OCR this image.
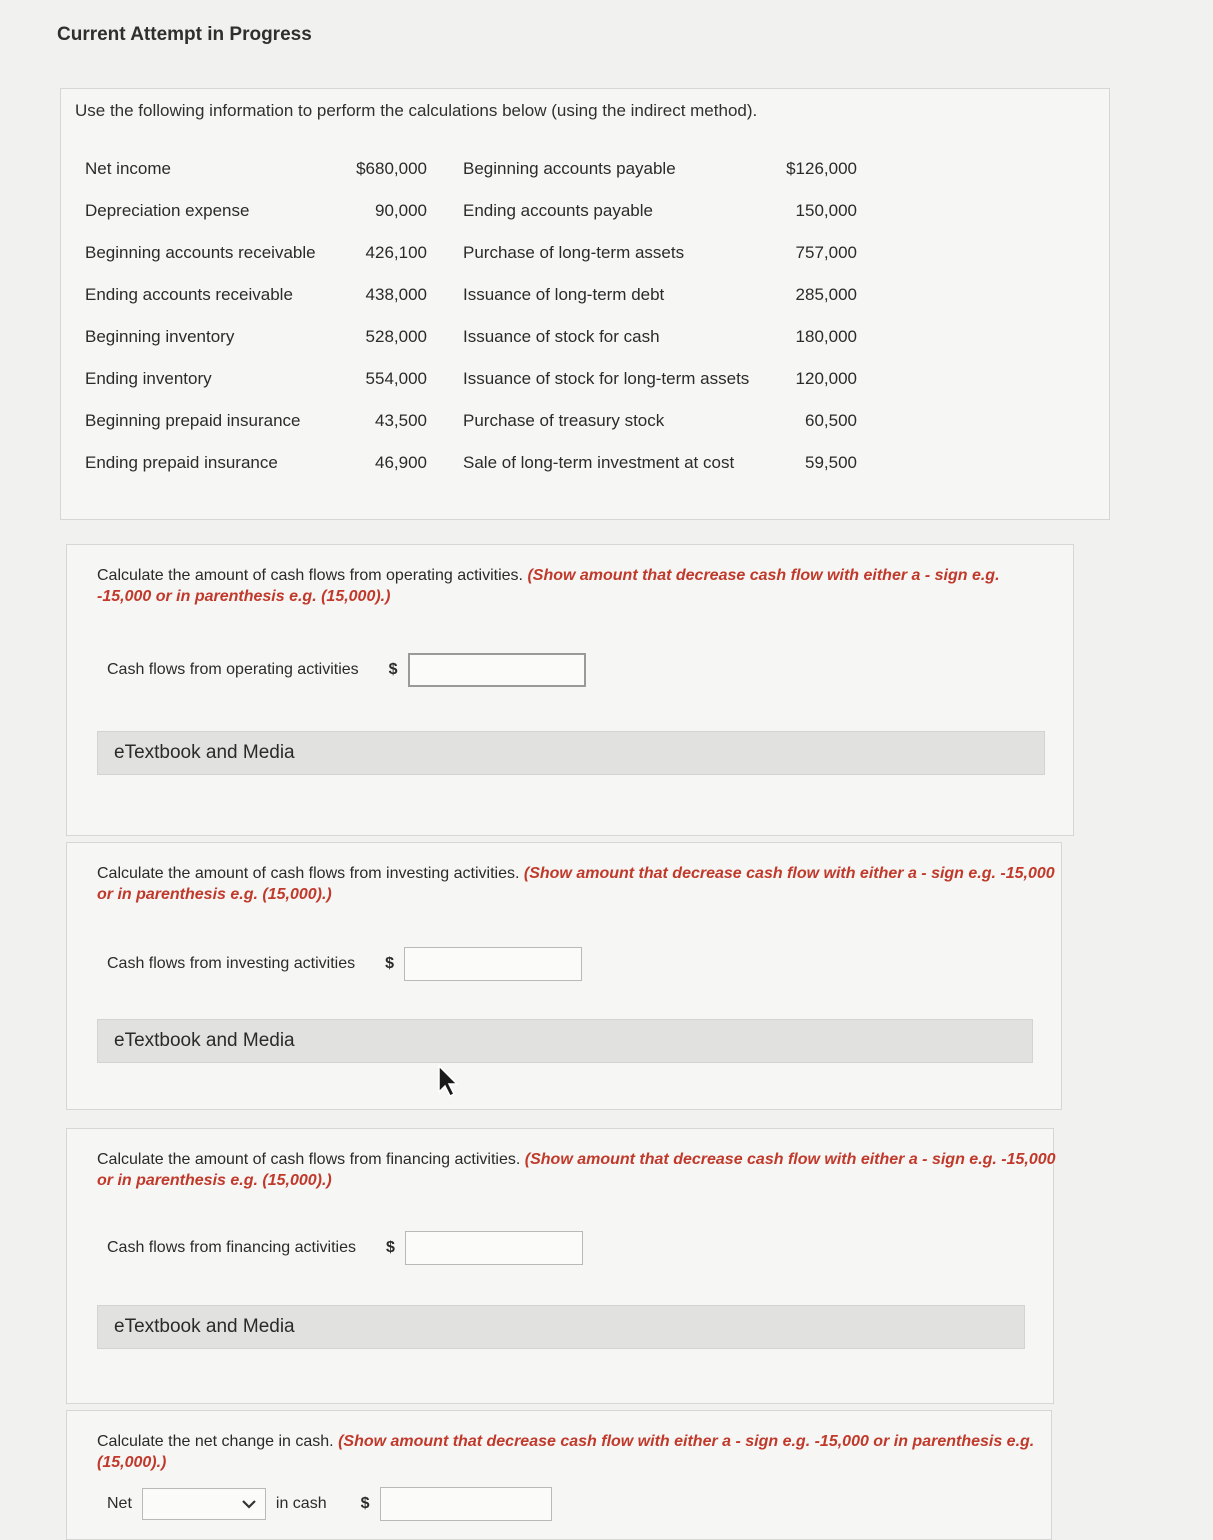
Current Attempt in Progress
Use the following information to perform the calculations below (using the indirect method).
Net income	$680,000 Beginning accounts payable	$126,000
Depreciation expense	90,000 Ending accounts payable	150,000
Beginning accounts receivable	426,100 Purchase of long-term assets	757,000
Ending accounts receivable	438,000 Issuance of long-term debt	285,000
Beginning inventory	528,000 Issuance of stock for cash	180,000
Ending inventory	554,000 Issuance of stock for long-term assets	120,000
Beginning prepaid insurance	43,500 Purchase of treasury stock	60,500
Ending prepaid insurance	46,900 Sale of long-term investment at cost	59,500
Calculate the amount of cash flows from operating activities. (Show amount that decrease cash flow with either a - sign e.g. -15,000 or in parenthesis e.g. (15,000).)
Cash flows from operating activities $
eTextbook and Media
Calculate the amount of cash flows from investing activities. (Show amount that decrease cash flow with either a - sign e.g. -15,000 or in parenthesis e.g. (15,000).)
Cash flows from investing activities $
eTextbook and Media
Calculate the amount of cash flows from financing activities. (Show amount that decrease cash flow with either a - sign e.g. -15,000 or in parenthesis e.g. (15,000).)
Cash flows from financing activities $
eTextbook and Media
Calculate the net change in cash. (Show amount that decrease cash flow with either a - sign e.g. -15,000 or in parenthesis e.g. (15,000).)
Net	in cash $
